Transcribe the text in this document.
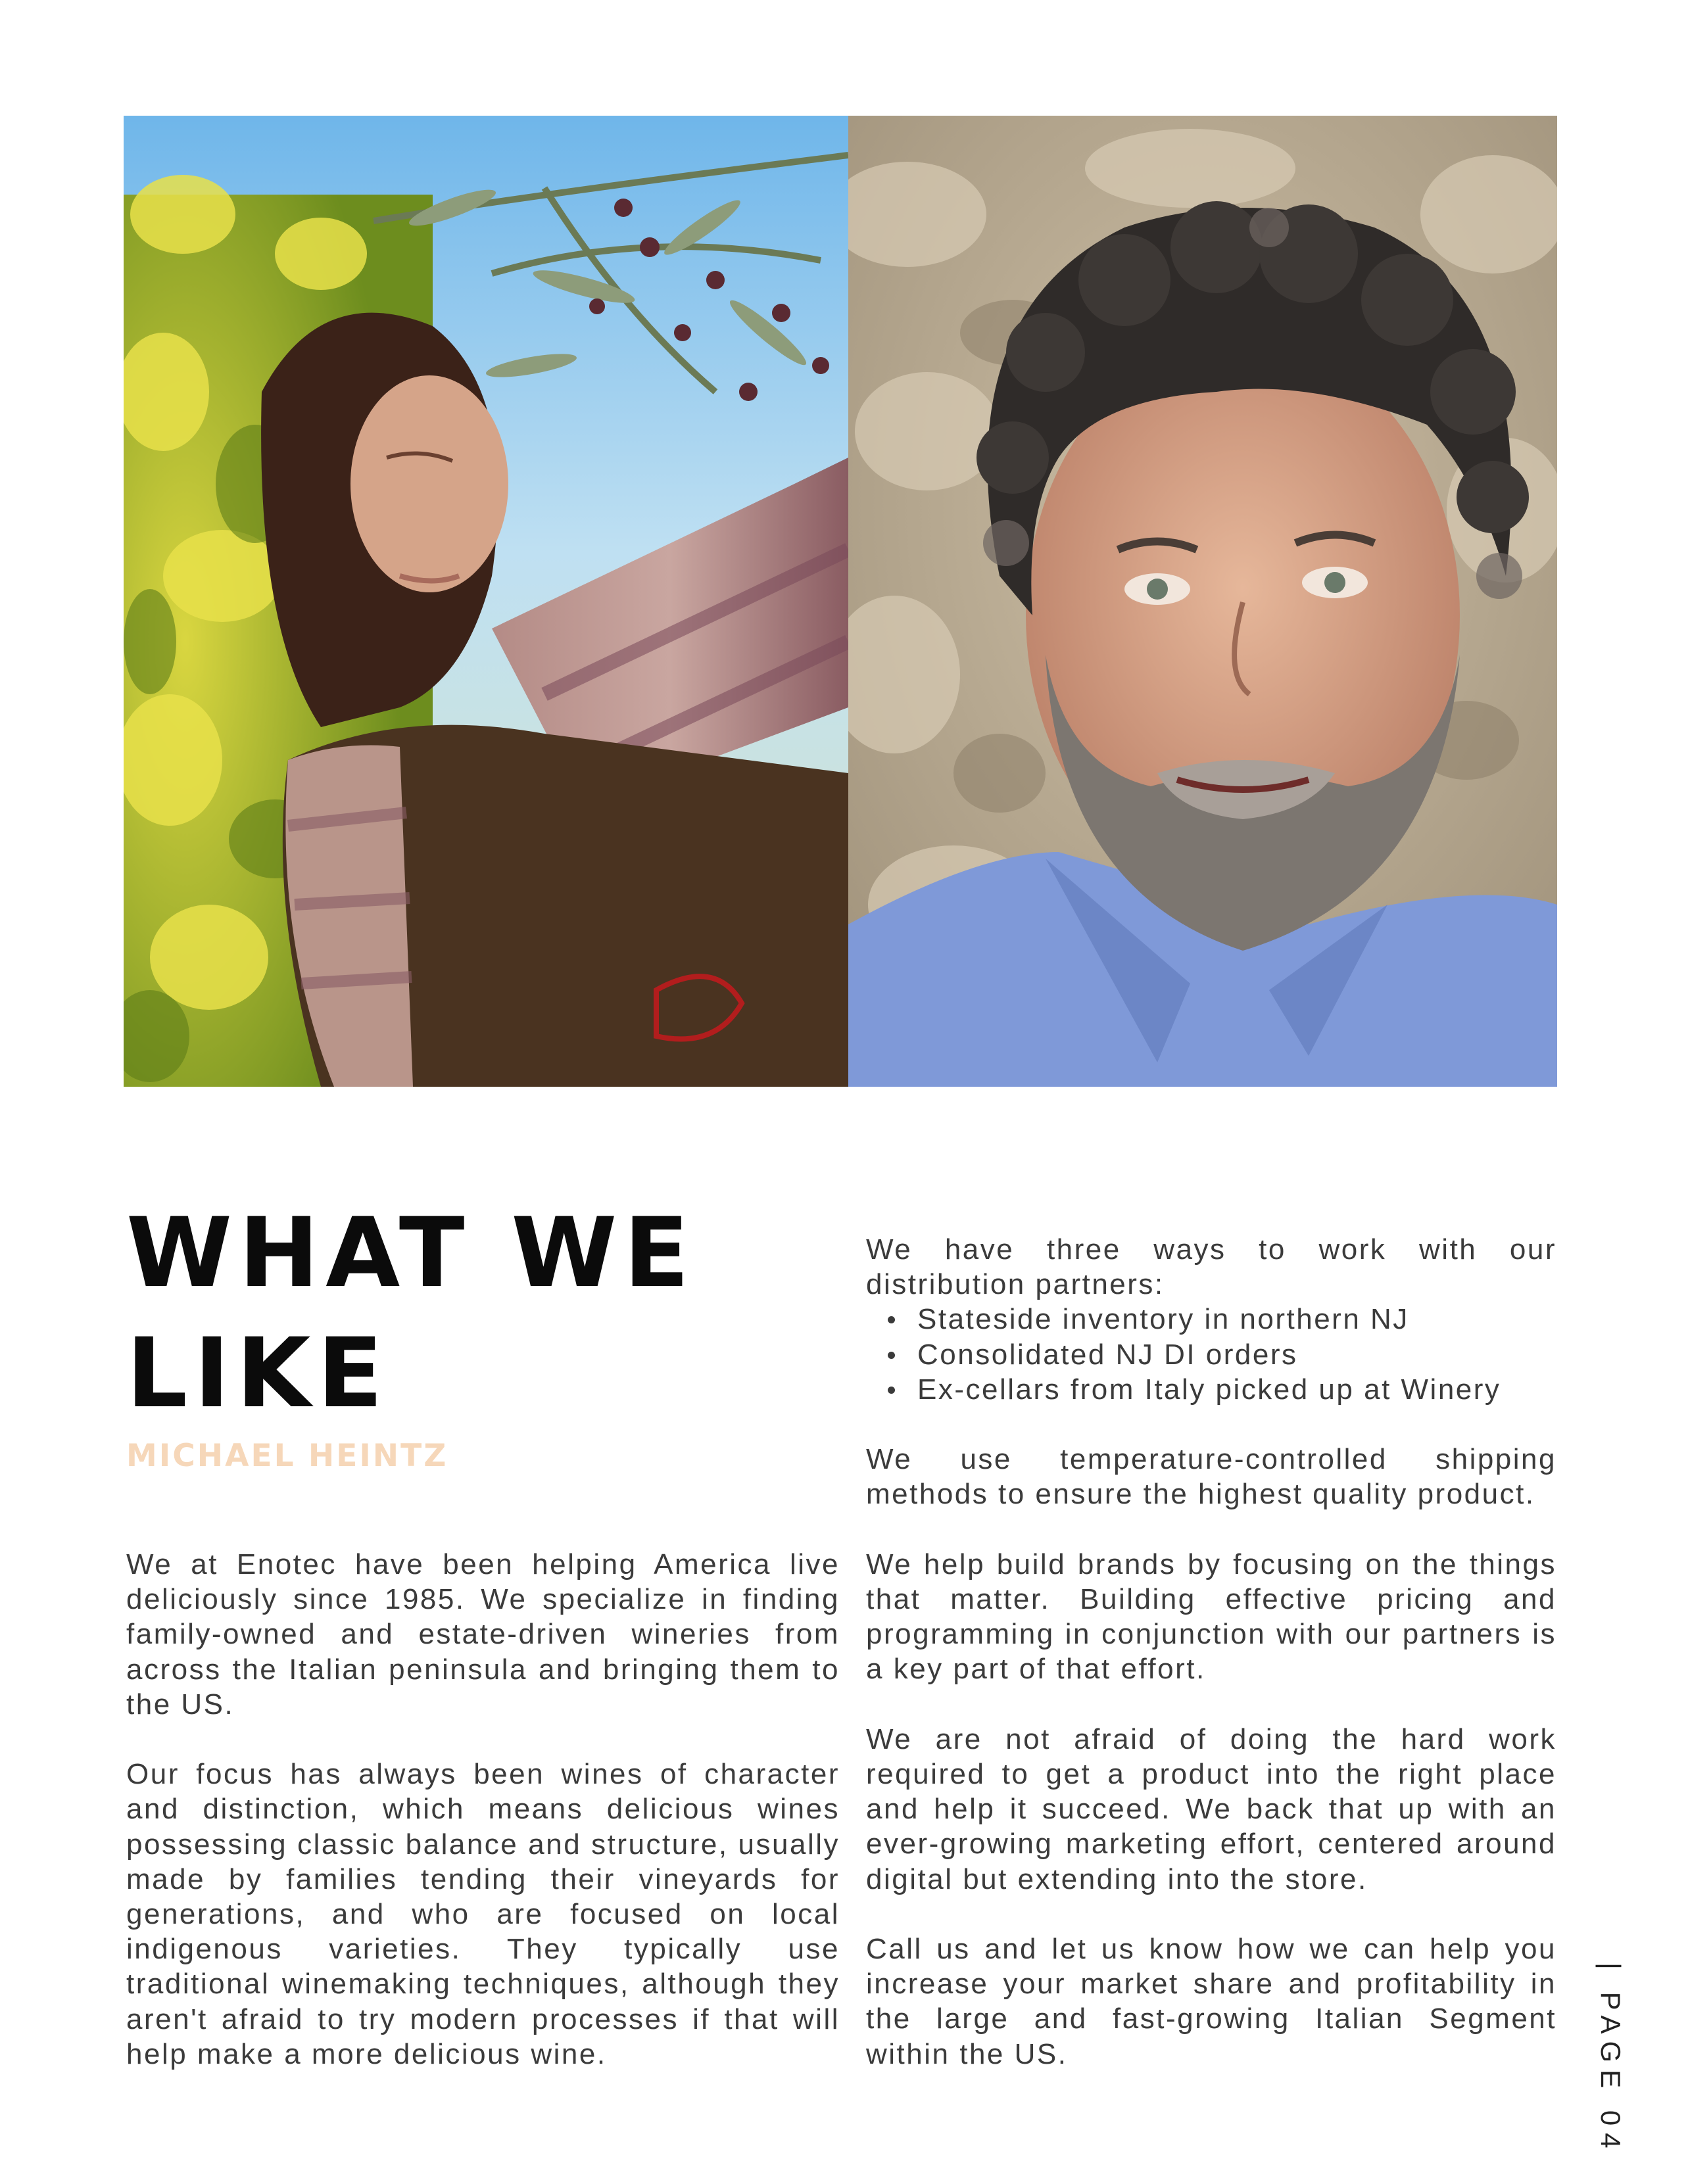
WHAT WE LIKE
MICHAEL HEINTZ

We at Enotec have been helping America live deliciously since 1985. We specialize in finding family-owned and estate-driven wineries from across the Italian peninsula and bringing them to the US.

Our focus has always been wines of character and distinction, which means delicious wines possessing classic balance and structure, usually made by families tending their vineyards for generations, and who are focused on local indigenous varieties. They typically use traditional winemaking techniques, although they aren't afraid to try modern processes if that will help make a more delicious wine.

We have three ways to work with our distribution partners:

Stateside inventory in northern NJ
Consolidated NJ DI orders
Ex-cellars from Italy picked up at Winery

We use temperature-controlled shipping methods to ensure the highest quality product.

We help build brands by focusing on the things that matter. Building effective pricing and programming in conjunction with our partners is a key part of that effort.

We are not afraid of doing the hard work required to get a product into the right place and help it succeed. We back that up with an ever-growing marketing effort, centered around digital but extending into the store.

Call us and let us know how we can help you increase your market share and profitability in the large and fast-growing Italian Segment within the US.	| PAGE 04
